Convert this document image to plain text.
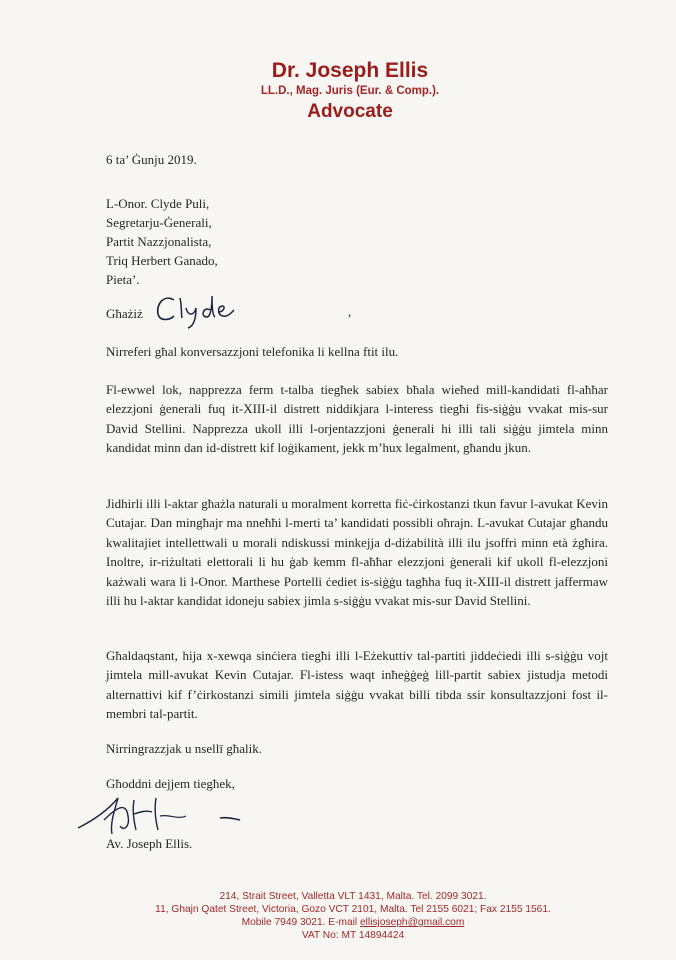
Dr. Joseph Ellis
LL.D., Mag. Juris (Eur. & Comp.).
Advocate
6 ta’ Ġunju 2019.
L-Onor. Clyde Puli,
Segretarju-Ġenerali,
Partit Nazzjonalista,
Triq Herbert Ganado,
Pieta’.
Għażiż	,
Nirreferi għal konversazzjoni telefonika li kellna ftit ilu.
Fl-ewwel lok, napprezza ferm t-talba tiegħek sabiex bħala wieħed mill-kandidati fl-aħħar elezzjoni ġenerali fuq it-XIII-il distrett niddikjara l-interess tiegħi fis-siġġu vvakat mis-sur David Stellini. Napprezza ukoll illi l-orjentazzjoni ġenerali hi illi tali siġġu jimtela minn kandidat minn dan id-distrett kif loġikament, jekk m’hux legalment, għandu jkun.
Jidhirli illi l-aktar għażla naturali u moralment korretta fiċ-ċirkostanzi tkun favur l-avukat Kevin Cutajar. Dan mingħajr ma nneħħi l-merti ta’ kandidati possibli oħrajn. L-avukat Cutajar għandu kwalitajiet intellettwali u morali ndiskussi minkejja d-diżabilità illi ilu jsoffri minn età żgħira. Inoltre, ir-riżultati elettorali li hu ġab kemm fl-aħħar elezzjoni ġenerali kif ukoll fl-elezzjoni każwali wara li l-Onor. Marthese Portelli ċediet is-siġġu tagħha fuq it-XIII-il distrett jaffermaw illi hu l-aktar kandidat idoneju sabiex jimla s-siġġu vvakat mis-sur David Stellini.
Għaldaqstant, hija x-xewqa sinċiera tiegħi illi l-Eżekuttiv tal-partiti jiddeċiedi illi s-siġġu vojt jimtela mill-avukat Kevin Cutajar. Fl-istess waqt inħeġġeġ lill-partit sabiex jistudja metodi alternattivi kif f’ċirkostanzi simili jimtela siġġu vvakat billi tibda ssir konsultazzjoni fost il-membri tal-partit.
Nirringrazzjak u nsellī għalik.
Għoddni dejjem tiegħek,
Av. Joseph Ellis.
214, Strait Street, Valletta VLT 1431, Malta. Tel. 2099 3021.
11, Ghajn Qatet Street, Victoria, Gozo VCT 2101, Malta. Tel 2155 6021; Fax 2155 1561.
Mobile 7949 3021. E-mail ellisjoseph@gmail.com
VAT No: MT 14894424
